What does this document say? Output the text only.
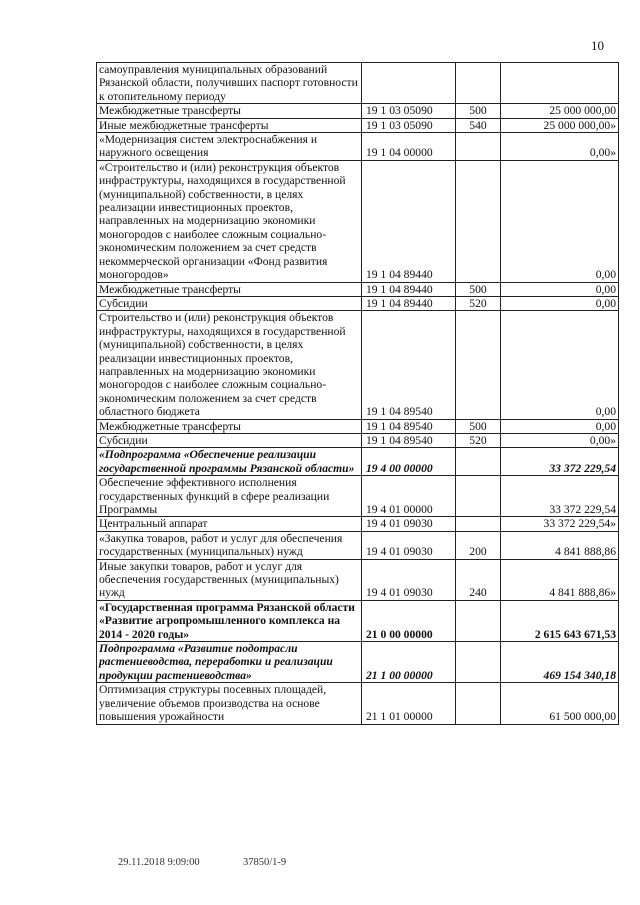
10
самоуправления муниципальных образований Рязанской области, получивших паспорт готовности к отопительному периоду			
Межбюджетные трансферты	19 1 03 05090	500	25 000 000,00
Иные межбюджетные трансферты	19 1 03 05090	540	25 000 000,00»
«Модернизация систем электроснабжения и наружного освещения	19 1 04 00000		0,00»
«Строительство и (или) реконструкция объектов инфраструктуры, находящихся в государственной (муниципальной) собственности, в целях реализации инвестиционных проектов, направленных на модернизацию экономики моногородов с наиболее сложным социально-экономическим положением за счет средств некоммерческой организации «Фонд развития моногородов»	19 1 04 89440		0,00
Межбюджетные трансферты	19 1 04 89440	500	0,00
Субсидии	19 1 04 89440	520	0,00
Строительство и (или) реконструкция объектов инфраструктуры, находящихся в государственной (муниципальной) собственности, в целях реализации инвестиционных проектов, направленных на модернизацию экономики моногородов с наиболее сложным социально-экономическим положением за счет средств областного бюджета	19 1 04 89540		0,00
Межбюджетные трансферты	19 1 04 89540	500	0,00
Субсидии	19 1 04 89540	520	0,00»
«Подпрограмма «Обеспечение реализации государственной программы Рязанской области»	19 4 00 00000		33 372 229,54
Обеспечение эффективного исполнения государственных функций в сфере реализации Программы	19 4 01 00000		33 372 229,54
Центральный аппарат	19 4 01 09030		33 372 229,54»
«Закупка товаров, работ и услуг для обеспечения государственных (муниципальных) нужд	19 4 01 09030	200	4 841 888,86
Иные закупки товаров, работ и услуг для обеспечения государственных (муниципальных) нужд	19 4 01 09030	240	4 841 888,86»
«Государственная программа Рязанской области «Развитие агропромышленного комплекса на 2014 - 2020 годы»	21 0 00 00000		2 615 643 671,53
Подпрограмма «Развитие подотрасли растениеводства, переработки и реализации продукции растениеводства»	21 1 00 00000		469 154 340,18
Оптимизация структуры посевных площадей, увеличение объемов производства на основе повышения урожайности	21 1 01 00000		61 500 000,00
29.11.2018 9:09:00	37850/1-9
